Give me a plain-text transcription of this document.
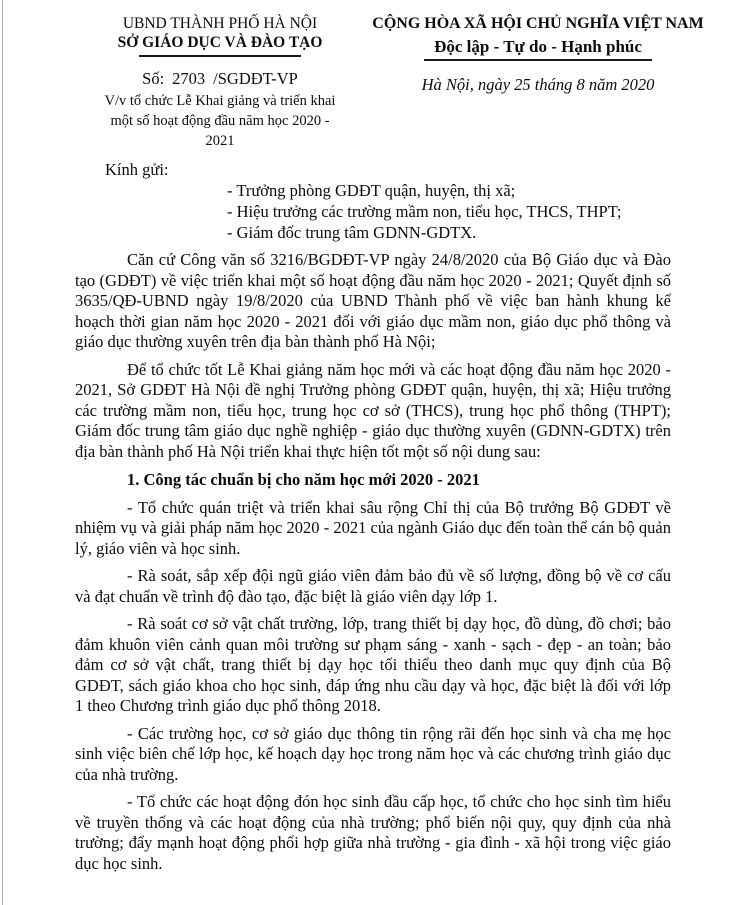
UBND THÀNH PHỐ HÀ NỘI
SỞ GIÁO DỤC VÀ ĐÀO TẠO
Số: 2703 /SGDĐT-VP
V/v tổ chức Lễ Khai giảng và triển khai một số hoạt động đầu năm học 2020 - 2021
CỘNG HÒA XÃ HỘI CHỦ NGHĨA VIỆT NAM
Độc lập - Tự do - Hạnh phúc
Hà Nội, ngày 25 tháng 8 năm 2020
Kính gửi:
- Trưởng phòng GDĐT quận, huyện, thị xã;
- Hiệu trưởng các trường mầm non, tiểu học, THCS, THPT;
- Giám đốc trung tâm GDNN-GDTX.

Căn cứ Công văn số 3216/BGDĐT-VP ngày 24/8/2020 của Bộ Giáo dục và Đào tạo (GDĐT) về việc triển khai một số hoạt động đầu năm học 2020 - 2021; Quyết định số 3635/QĐ-UBND ngày 19/8/2020 của UBND Thành phố về việc ban hành khung kế hoạch thời gian năm học 2020 - 2021 đối với giáo dục mầm non, giáo dục phổ thông và giáo dục thường xuyên trên địa bàn thành phố Hà Nội;

Để tổ chức tốt Lễ Khai giảng năm học mới và các hoạt động đầu năm học 2020 - 2021, Sở GDĐT Hà Nội đề nghị Trưởng phòng GDĐT quận, huyện, thị xã; Hiệu trưởng các trường mầm non, tiểu học, trung học cơ sở (THCS), trung học phổ thông (THPT); Giám đốc trung tâm giáo dục nghề nghiệp - giáo dục thường xuyên (GDNN-GDTX) trên địa bàn thành phố Hà Nội triển khai thực hiện tốt một số nội dung sau:

1. Công tác chuẩn bị cho năm học mới 2020 - 2021

- Tổ chức quán triệt và triển khai sâu rộng Chỉ thị của Bộ trưởng Bộ GDĐT về nhiệm vụ và giải pháp năm học 2020 - 2021 của ngành Giáo dục đến toàn thể cán bộ quản lý, giáo viên và học sinh.

- Rà soát, sắp xếp đội ngũ giáo viên đảm bảo đủ về số lượng, đồng bộ về cơ cấu và đạt chuẩn về trình độ đào tạo, đặc biệt là giáo viên dạy lớp 1.

- Rà soát cơ sở vật chất trường, lớp, trang thiết bị dạy học, đồ dùng, đồ chơi; bảo đảm khuôn viên cảnh quan môi trường sư phạm sáng - xanh - sạch - đẹp - an toàn; bảo đảm cơ sở vật chất, trang thiết bị dạy học tối thiểu theo danh mục quy định của Bộ GDĐT, sách giáo khoa cho học sinh, đáp ứng nhu cầu dạy và học, đặc biệt là đối với lớp 1 theo Chương trình giáo dục phổ thông 2018.

- Các trường học, cơ sở giáo dục thông tin rộng rãi đến học sinh và cha mẹ học sinh việc biên chế lớp học, kế hoạch dạy học trong năm học và các chương trình giáo dục của nhà trường.

- Tổ chức các hoạt động đón học sinh đầu cấp học, tổ chức cho học sinh tìm hiểu về truyền thống và các hoạt động của nhà trường; phổ biến nội quy, quy định của nhà trường; đẩy mạnh hoạt động phối hợp giữa nhà trường - gia đình - xã hội trong việc giáo dục học sinh.
